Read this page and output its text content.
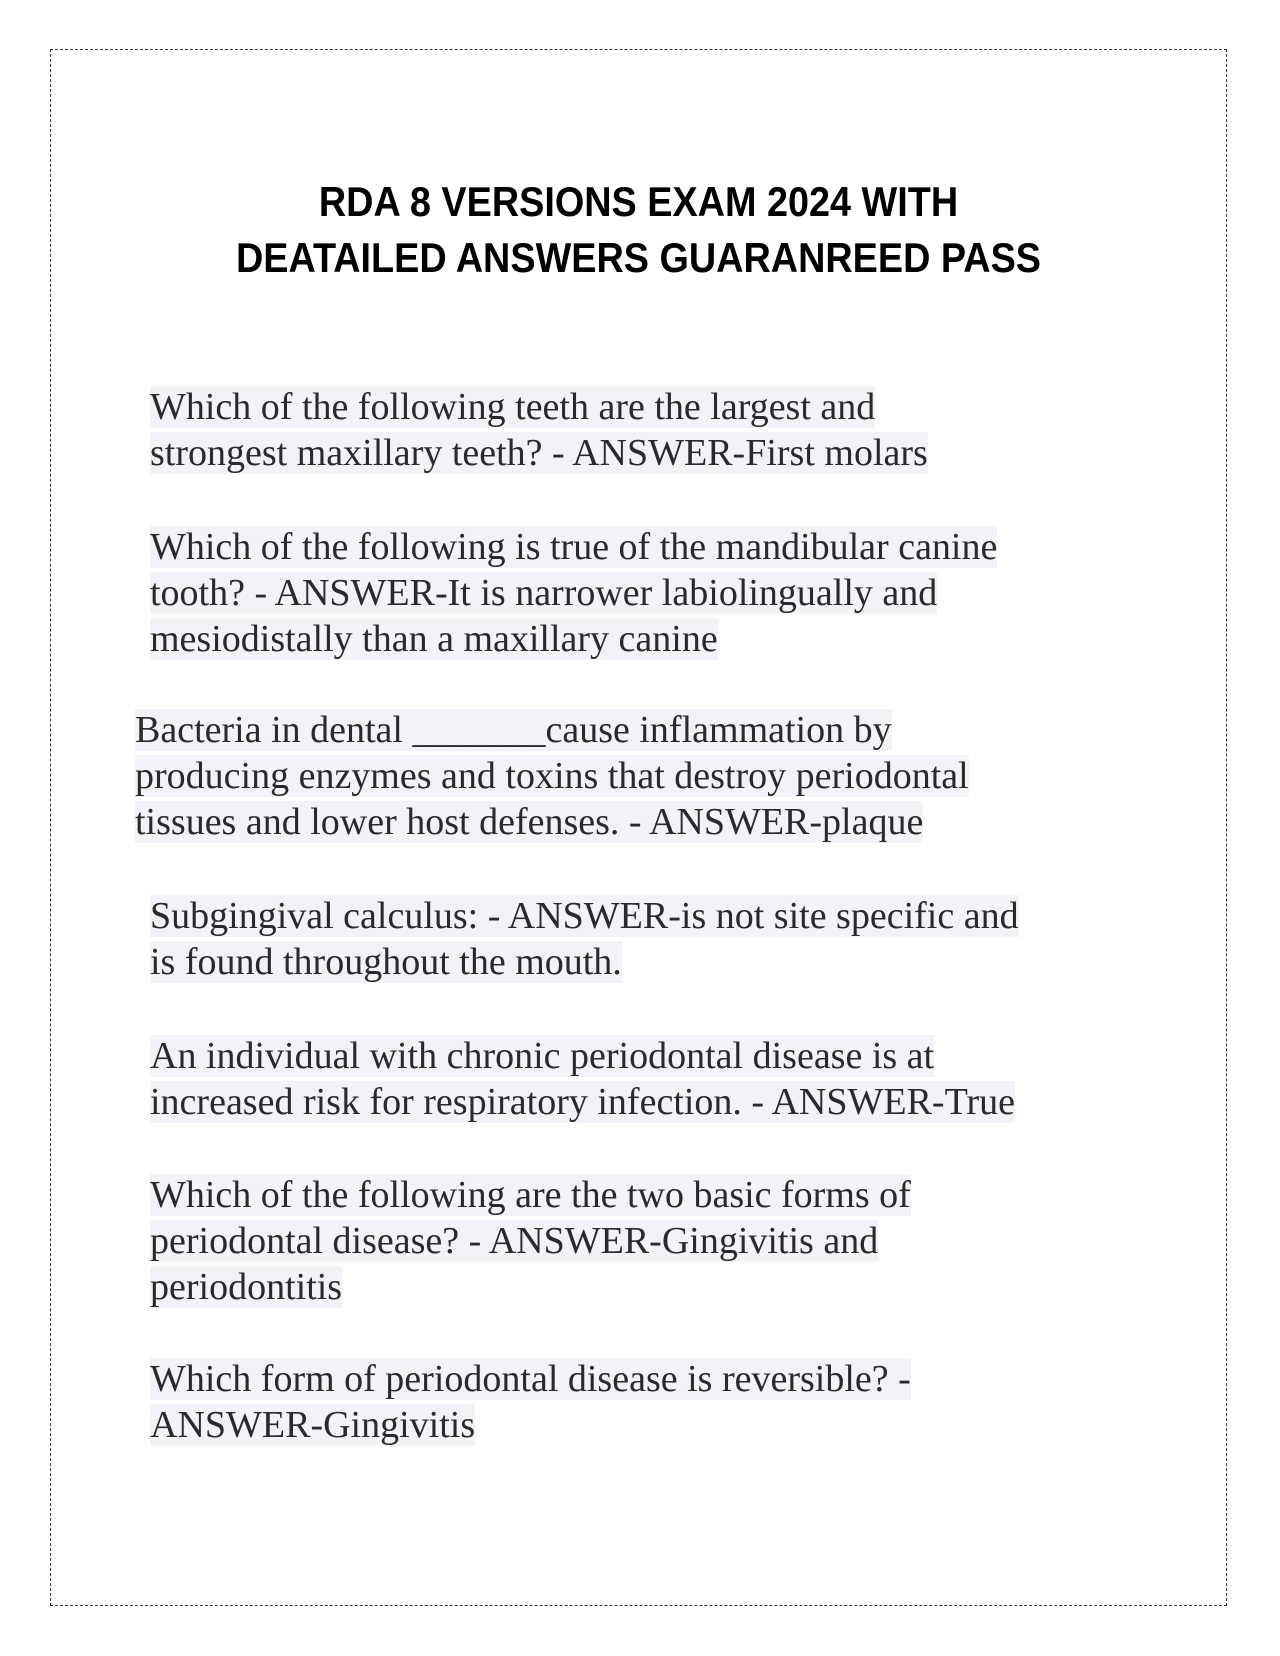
RDA 8 VERSIONS EXAM 2024 WITH
DEATAILED ANSWERS GUARANREED PASS
Which of the following teeth are the largest and
strongest maxillary teeth? - ANSWER-First molars
Which of the following is true of the mandibular canine
tooth? - ANSWER-It is narrower labiolingually and
mesiodistally than a maxillary canine
Bacteria in dental _______cause inflammation by
producing enzymes and toxins that destroy periodontal
tissues and lower host defenses. - ANSWER-plaque
Subgingival calculus: - ANSWER-is not site specific and
is found throughout the mouth.
An individual with chronic periodontal disease is at
increased risk for respiratory infection. - ANSWER-True
Which of the following are the two basic forms of
periodontal disease? - ANSWER-Gingivitis and
periodontitis
Which form of periodontal disease is reversible? -
ANSWER-Gingivitis
